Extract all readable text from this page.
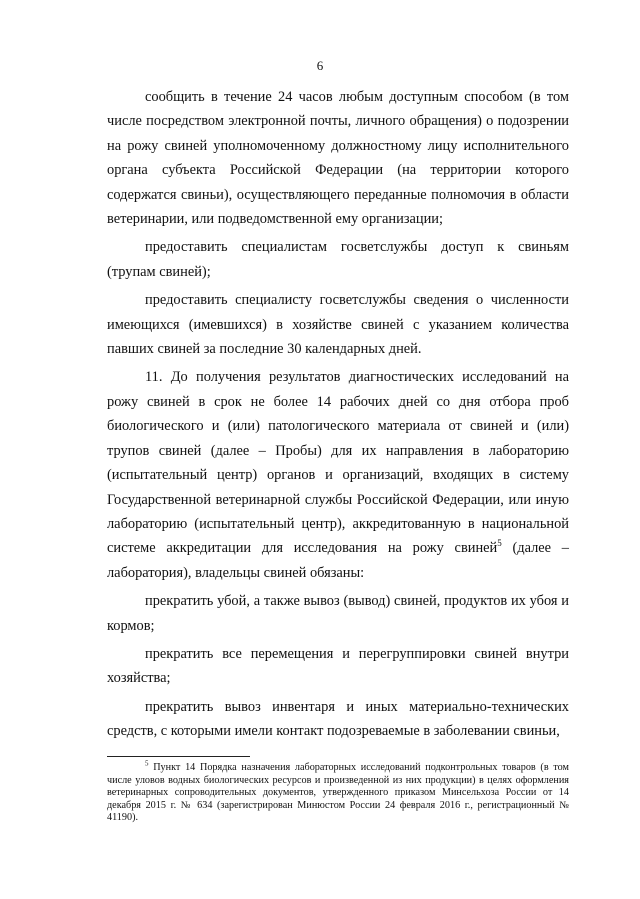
6

сообщить в течение 24 часов любым доступным способом (в том числе посредством электронной почты, личного обращения) о подозрении на рожу свиней уполномоченному должностному лицу исполнительного органа субъекта Российской Федерации (на территории которого содержатся свиньи), осуществляющего переданные полномочия в области ветеринарии, или подведомственной ему организации;

предоставить специалистам госветслужбы доступ к свиньям (трупам свиней);

предоставить специалисту госветслужбы сведения о численности имеющихся (имевшихся) в хозяйстве свиней с указанием количества павших свиней за последние 30 календарных дней.

11. До получения результатов диагностических исследований на рожу свиней в срок не более 14 рабочих дней со дня отбора проб биологического и (или) патологического материала от свиней и (или) трупов свиней (далее – Пробы) для их направления в лабораторию (испытательный центр) органов и организаций, входящих в систему Государственной ветеринарной службы Российской Федерации, или иную лабораторию (испытательный центр), аккредитованную в национальной системе аккредитации для исследования на рожу свиней$^5$ (далее – лаборатория), владельцы свиней обязаны:

прекратить убой, а также вывоз (вывод) свиней, продуктов их убоя и кормов;

прекратить все перемещения и перегруппировки свиней внутри хозяйства;

прекратить вывоз инвентаря и иных материально-технических средств, с которыми имели контакт подозреваемые в заболевании свиньи,

$^5$ Пункт 14 Порядка назначения лабораторных исследований подконтрольных товаров (в том числе уловов водных биологических ресурсов и произведенной из них продукции) в целях оформления ветеринарных сопроводительных документов, утвержденного приказом Минсельхоза России от 14 декабря 2015 г. № 634 (зарегистрирован Минюстом России 24 февраля 2016 г., регистрационный № 41190).
